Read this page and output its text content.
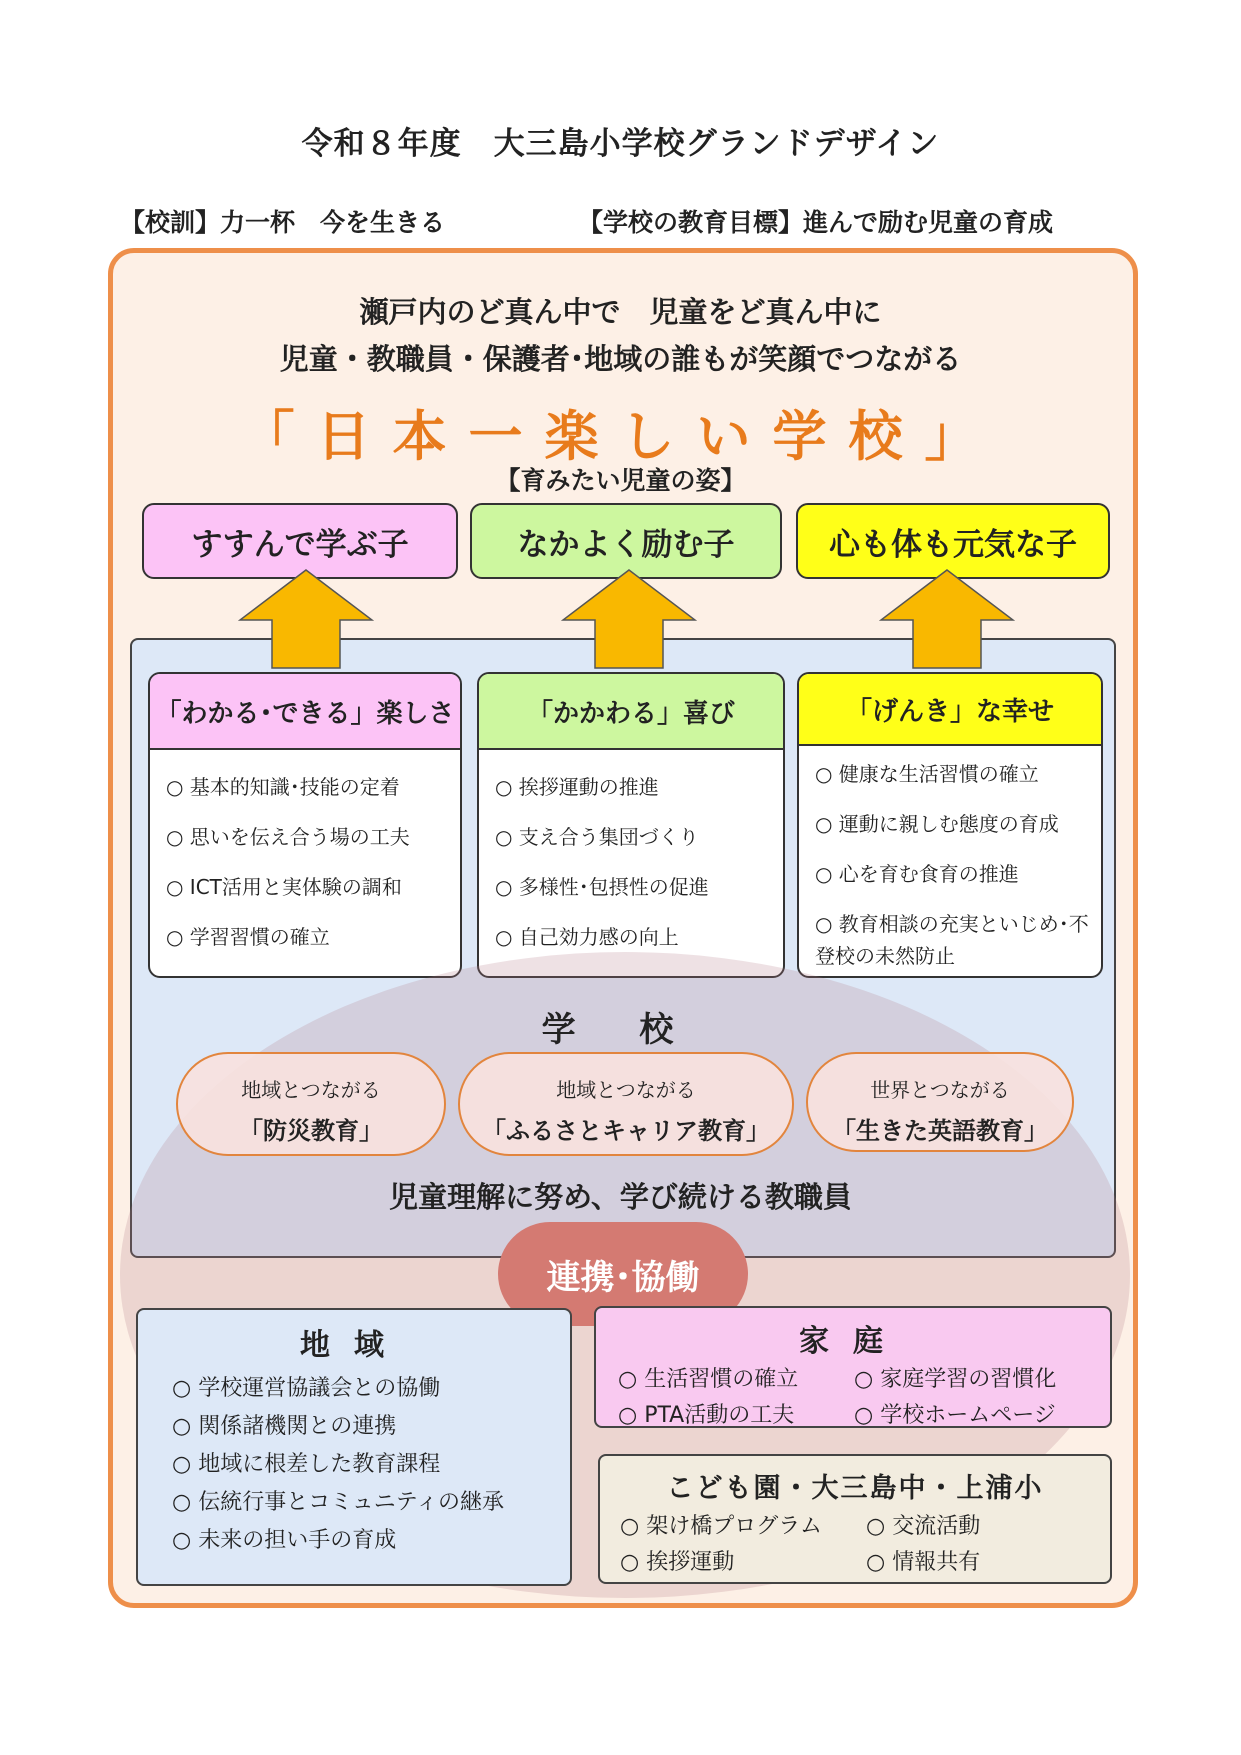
令和８年度　大三島小学校グランドデザイン
【校訓】力一杯　今を生きる	【学校の教育目標】進んで励む児童の育成
瀬戸内のど真ん中で　児童をど真ん中に
児童・教職員・保護者･地域の誰もが笑顔でつながる
「日本一楽しい学校」
【育みたい児童の姿】
すすんで学ぶ子	なかよく励む子	心も体も元気な子
「わかる･できる」楽しさ
○ 基本的知識･技能の定着
○ 思いを伝え合う場の工夫
○ ICT活用と実体験の調和
○ 学習習慣の確立
「かかわる」喜び
○ 挨拶運動の推進
○ 支え合う集団づくり
○ 多様性･包摂性の促進
○ 自己効力感の向上
「げんき」な幸せ
○ 健康な生活習慣の確立
○ 運動に親しむ態度の育成
○ 心を育む食育の推進
○ 教育相談の充実といじめ･不登校の未然防止
学 校
地域とつながる
「防災教育」
地域とつながる
「ふるさとキャリア教育」
世界とつながる
「生きた英語教育」
児童理解に努め、学び続ける教職員
連携･協働
地域
○ 学校運営協議会との協働
○ 関係諸機関との連携
○ 地域に根差した教育課程
○ 伝統行事とコミュニティの継承
○ 未来の担い手の育成
家庭
○ 生活習慣の確立	○ 家庭学習の習慣化
○ PTA活動の工夫	○ 学校ホームページ
こども園・大三島中・上浦小
○ 架け橋プログラム	○ 交流活動
○ 挨拶運動	○ 情報共有
